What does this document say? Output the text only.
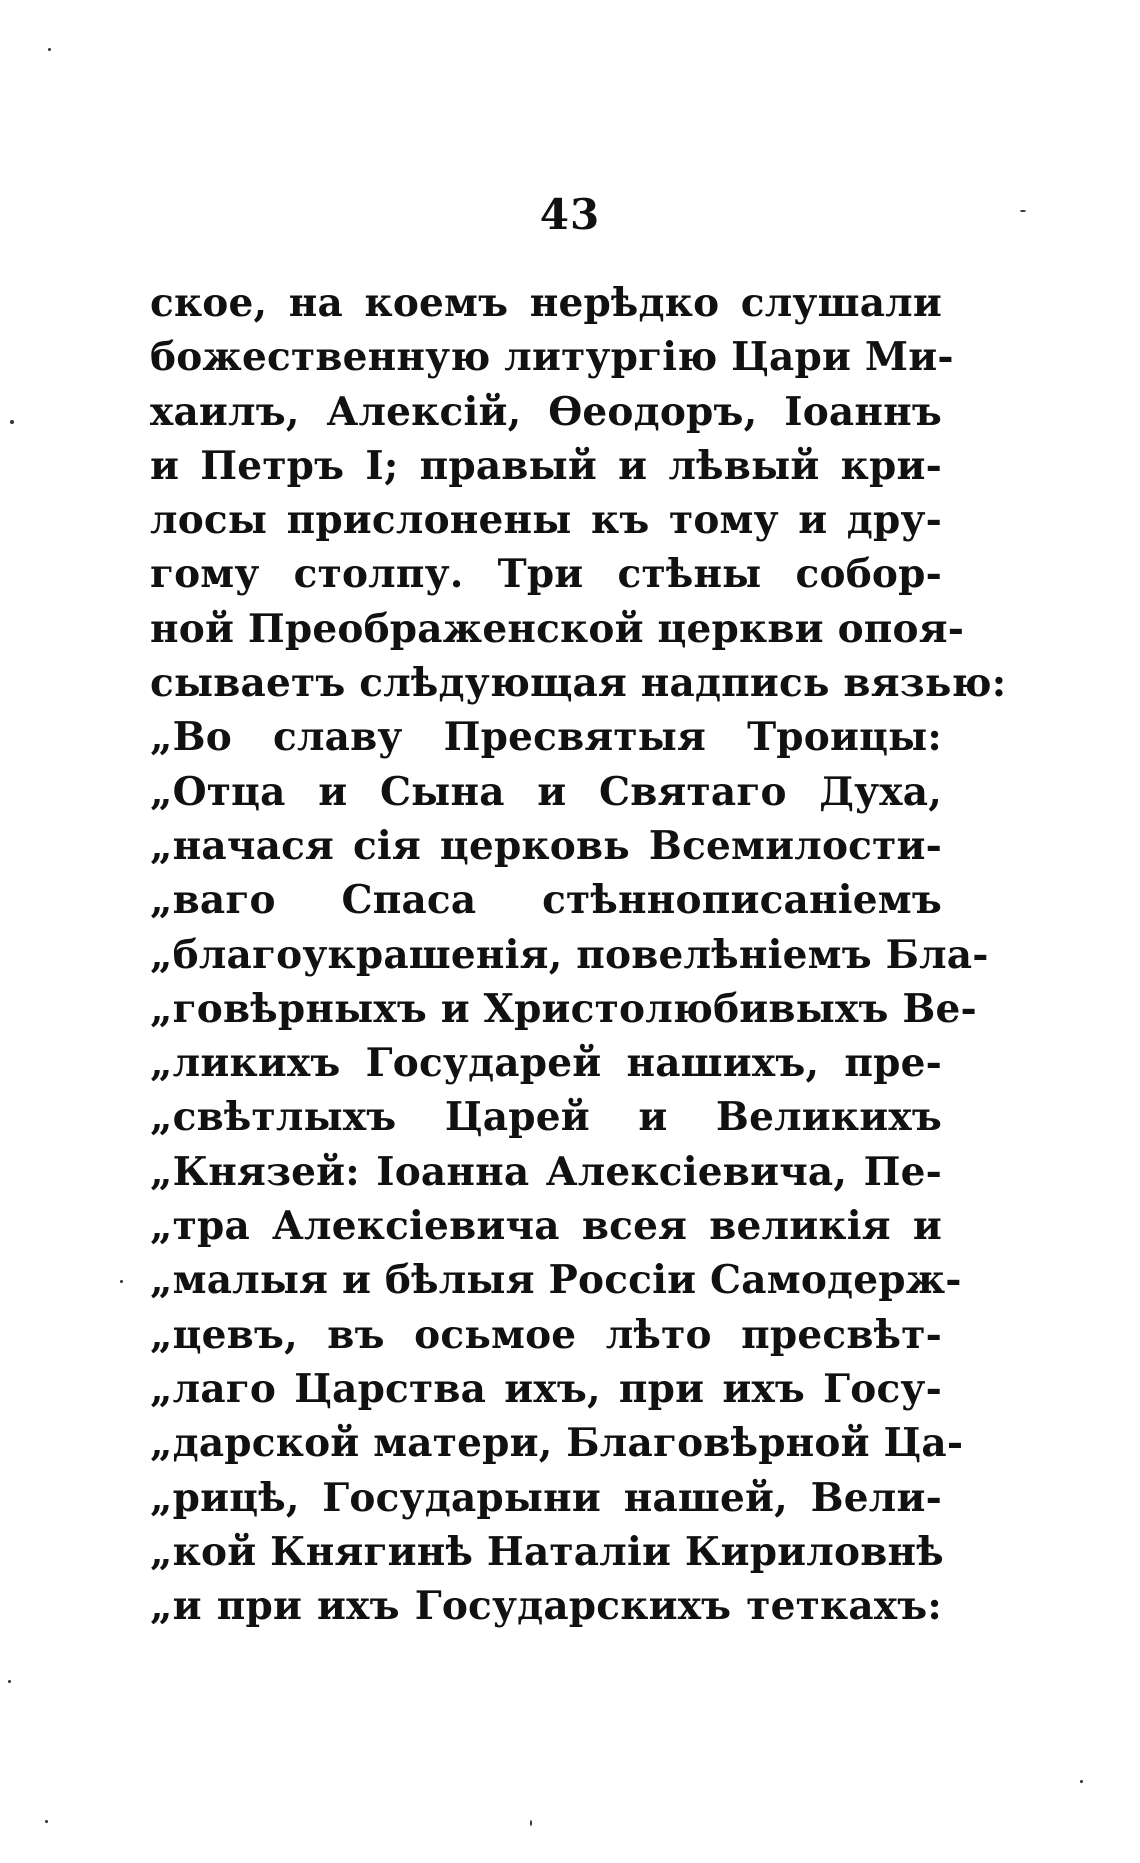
43
ское, на коемъ нерѣдко слушали
божественную литургію Цари Ми-
хаилъ, Алексій, Ѳеодоръ, Іоаннъ
и Петръ I; правый и лѣвый кри-
лосы прислонены къ тому и дру-
гому столпу. Три стѣны собор-
ной Преображенской церкви опоя-
сываетъ слѣдующая надпись вязью:
„Во славу Пресвятыя Троицы:
„Отца и Сына и Святаго Духа,
„начася сія церковь Всемилости-
„ваго Спаса стѣннописаніемъ
„благоукрашенія, повелѣніемъ Бла-
„говѣрныхъ и Христолюбивыхъ Ве-
„ликихъ Государей нашихъ, пре-
„свѣтлыхъ Царей и Великихъ
„Князей: Іоанна Алексіевича, Пе-
„тра Алексіевича всея великія и
„малыя и бѣлыя Россіи Самодерж-
„цевъ, въ осьмое лѣто пресвѣт-
„лаго Царства ихъ, при ихъ Госу-
„дарской матери, Благовѣрной Ца-
„рицѣ, Государыни нашей, Вели-
„кой Княгинѣ Наталіи Кириловнѣ
„и при ихъ Государскихъ теткахъ:
